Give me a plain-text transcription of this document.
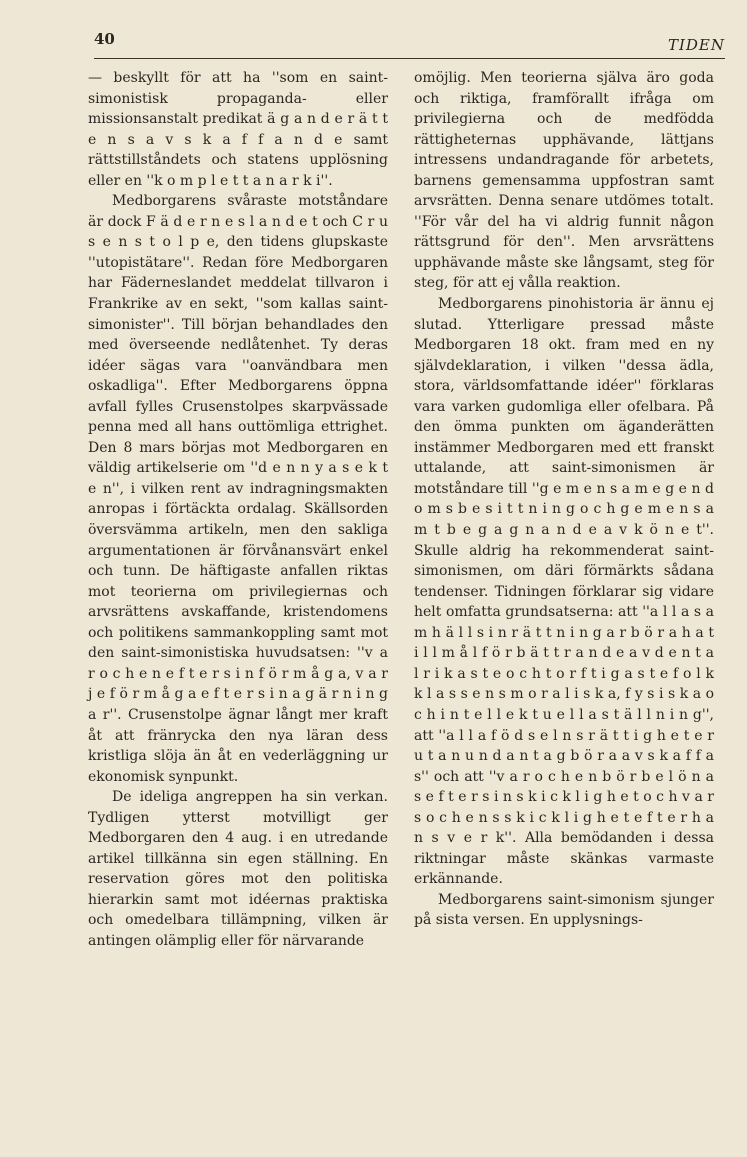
40	TIDEN

— beskyllt för att ha ''som en saint-simonistisk propaganda- eller missionsanstalt predikat ä g a n d e r ä t t e n s a v s k a f f a n d e samt rättstillståndets och statens upplösning eller en ''k o m p l e t t a n a r k i''.

Medborgarens svåraste motståndare är dock F ä d e r n e s l a n d e t och C r u s e n s t o l p e, den tidens glupskaste ''utopistätare''. Redan före Medborgaren har Fäderneslandet meddelat tillvaron i Frankrike av en sekt, ''som kallas saint-simonister''. Till början behandlades den med överseende nedlåtenhet. Ty deras idéer sägas vara ''oanvändbara men oskadliga''. Efter Medborgarens öppna avfall fylles Crusenstolpes skarpvässade penna med all hans outtömliga ettrighet. Den 8 mars börjas mot Medborgaren en väldig artikelserie om ''d e n n y a s e k t e n'', i vilken rent av indragningsmakten anropas i förtäckta ordalag. Skällsorden översvämma artikeln, men den sakliga argumentationen är förvånansvärt enkel och tunn. De häftigaste anfallen riktas mot teorierna om privilegiernas och arvsrättens avskaffande, kristendomens och politikens sammankoppling samt mot den saint-simonistiska huvudsatsen: ''v a r o c h e n e f t e r s i n f ö r m å g a, v a r j e f ö r m å g a e f t e r s i n a g ä r n i n g a r''. Crusenstolpe ägnar långt mer kraft åt att fränrycka den nya läran dess kristliga slöja än åt en vederläggning ur ekonomisk synpunkt.

De ideliga angreppen ha sin verkan. Tydligen ytterst motvilligt ger Medborgaren den 4 aug. i en utredande artikel tillkänna sin egen ställning. En reservation göres mot den politiska hierarkin samt mot idéernas praktiska och omedelbara tillämpning, vilken är antingen olämplig eller för närvarande

omöjlig. Men teorierna själva äro goda och riktiga, framförallt ifråga om privilegierna och de medfödda rättigheternas upphävande, lättjans intressens undandragande för arbetets, barnens gemensamma uppfostran samt arvsrätten. Denna senare utdömes totalt. ''För vår del ha vi aldrig funnit någon rättsgrund för den''. Men arvsrättens upphävande måste ske långsamt, steg för steg, för att ej vålla reaktion.

Medborgarens pinohistoria är ännu ej slutad. Ytterligare pressad måste Medborgaren 18 okt. fram med en ny självdeklaration, i vilken ''dessa ädla, stora, världsomfattande idéer'' förklaras vara varken gudomliga eller ofelbara. På den ömma punkten om äganderätten instämmer Medborgaren med ett franskt uttalande, att saint-simonismen är motståndare till ''g e m e n s a m e g e n d o m s b e s i t t n i n g o c h g e m e n s a m t b e g a g n a n d e a v k ö n e t''. Skulle aldrig ha rekommenderat saint-simonismen, om däri förmärkts sådana tendenser. Tidningen förklarar sig vidare helt omfatta grundsatserna: att ''a l l a s a m h ä l l s i n r ä t t n i n g a r b ö r a h a t i l l m å l f ö r b ä t t r a n d e a v d e n t a l r i k a s t e o c h t o r f t i g a s t e f o l k k l a s s e n s m o r a l i s k a, f y s i s k a o c h i n t e l l e k t u e l l a s t ä l l n i n g'', att ''a l l a f ö d s e l n s r ä t t i g h e t e r u t a n u n d a n t a g b ö r a a v s k a f f a s'' och att ''v a r o c h e n b ö r b e l ö n a s e f t e r s i n s k i c k l i g h e t o c h v a r s o c h e n s s k i c k l i g h e t e f t e r h a n s v e r k''. Alla bemödanden i dessa riktningar måste skänkas varmaste erkännande.

Medborgarens saint-simonism sjunger på sista versen. En upplysnings-
